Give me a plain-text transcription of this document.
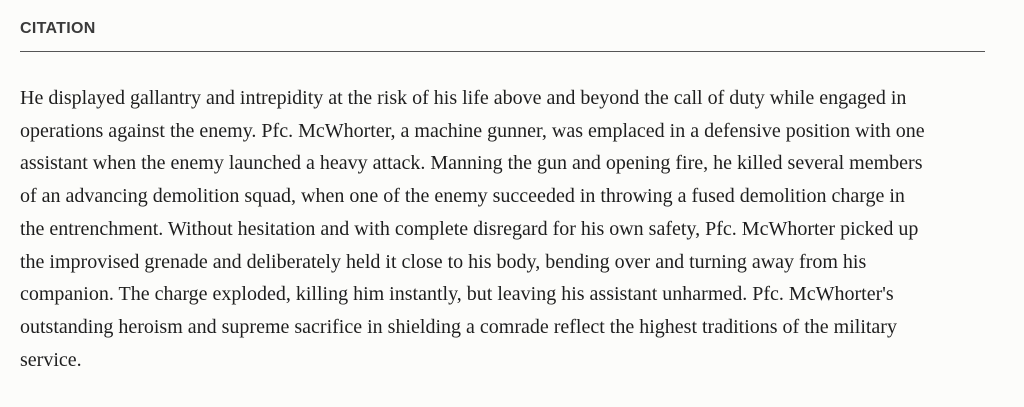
CITATION

He displayed gallantry and intrepidity at the risk of his life above and beyond the call of duty while engaged in
operations against the enemy. Pfc. McWhorter, a machine gunner, was emplaced in a defensive position with one
assistant when the enemy launched a heavy attack. Manning the gun and opening fire, he killed several members
of an advancing demolition squad, when one of the enemy succeeded in throwing a fused demolition charge in
the entrenchment. Without hesitation and with complete disregard for his own safety, Pfc. McWhorter picked up
the improvised grenade and deliberately held it close to his body, bending over and turning away from his
companion. The charge exploded, killing him instantly, but leaving his assistant unharmed. Pfc. McWhorter's
outstanding heroism and supreme sacrifice in shielding a comrade reflect the highest traditions of the military
service.
